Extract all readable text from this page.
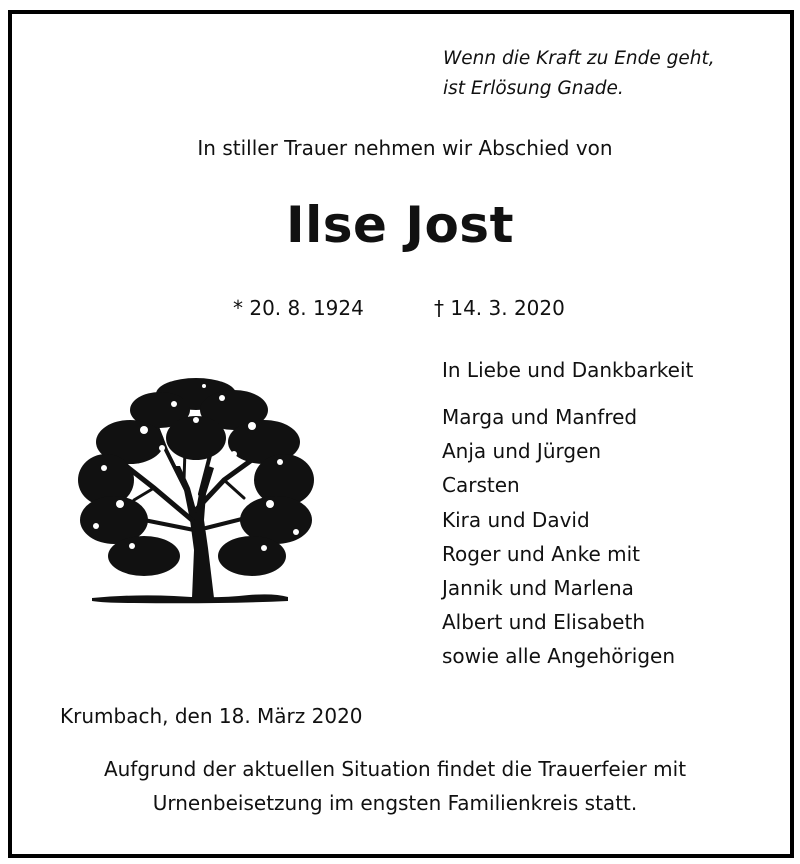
Wenn die Kraft zu Ende geht,
ist Erlösung Gnade.
In stiller Trauer nehmen wir Abschied von
Ilse Jost
* 20. 8. 1924	† 14. 3. 2020
In Liebe und Dankbarkeit
Marga und Manfred
Anja und Jürgen
Carsten
Kira und David
Roger und Anke mit
Jannik und Marlena
Albert und Elisabeth
sowie alle Angehörigen
Krumbach, den 18. März 2020
Aufgrund der aktuellen Situation findet die Trauerfeier mit
Urnenbeisetzung im engsten Familienkreis statt.
